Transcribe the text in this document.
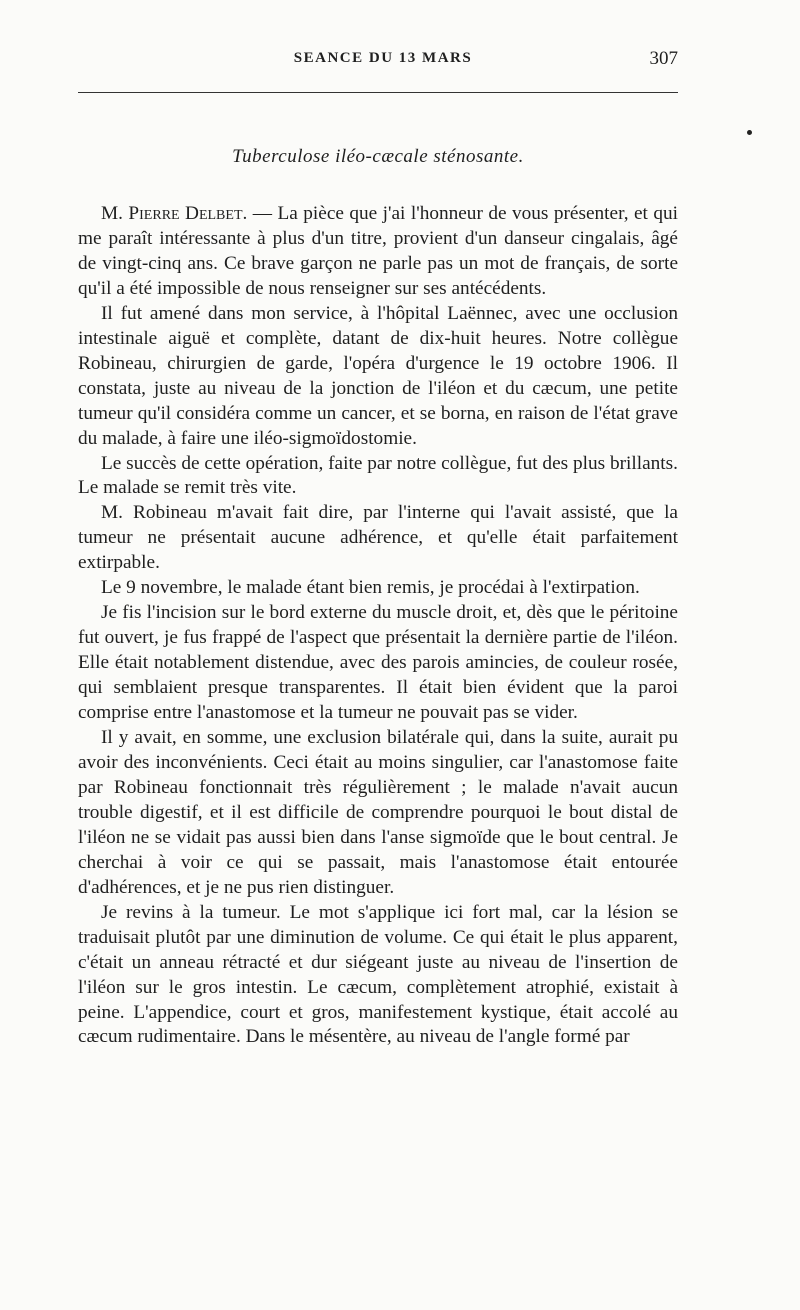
SEANCE DU 13 MARS	307
Tuberculose iléo-cæcale sténosante.

M. Pierre Delbet. — La pièce que j'ai l'honneur de vous présenter, et qui me paraît intéressante à plus d'un titre, provient d'un danseur cingalais, âgé de vingt-cinq ans. Ce brave garçon ne parle pas un mot de français, de sorte qu'il a été impossible de nous renseigner sur ses antécédents.

Il fut amené dans mon service, à l'hôpital Laënnec, avec une occlusion intestinale aiguë et complète, datant de dix-huit heures. Notre collègue Robineau, chirurgien de garde, l'opéra d'urgence le 19 octobre 1906. Il constata, juste au niveau de la jonction de l'iléon et du cæcum, une petite tumeur qu'il considéra comme un cancer, et se borna, en raison de l'état grave du malade, à faire une iléo-sigmoïdostomie.

Le succès de cette opération, faite par notre collègue, fut des plus brillants. Le malade se remit très vite.

M. Robineau m'avait fait dire, par l'interne qui l'avait assisté, que la tumeur ne présentait aucune adhérence, et qu'elle était parfaitement extirpable.

Le 9 novembre, le malade étant bien remis, je procédai à l'extirpation.

Je fis l'incision sur le bord externe du muscle droit, et, dès que le péritoine fut ouvert, je fus frappé de l'aspect que présentait la dernière partie de l'iléon. Elle était notablement distendue, avec des parois amincies, de couleur rosée, qui semblaient presque transparentes. Il était bien évident que la paroi comprise entre l'anastomose et la tumeur ne pouvait pas se vider.

Il y avait, en somme, une exclusion bilatérale qui, dans la suite, aurait pu avoir des inconvénients. Ceci était au moins singulier, car l'anastomose faite par Robineau fonctionnait très régulièrement ; le malade n'avait aucun trouble digestif, et il est difficile de comprendre pourquoi le bout distal de l'iléon ne se vidait pas aussi bien dans l'anse sigmoïde que le bout central. Je cherchai à voir ce qui se passait, mais l'anastomose était entourée d'adhérences, et je ne pus rien distinguer.

Je revins à la tumeur. Le mot s'applique ici fort mal, car la lésion se traduisait plutôt par une diminution de volume. Ce qui était le plus apparent, c'était un anneau rétracté et dur siégeant juste au niveau de l'insertion de l'iléon sur le gros intestin. Le cæcum, complètement atrophié, existait à peine. L'appendice, court et gros, manifestement kystique, était accolé au cæcum rudimentaire. Dans le mésentère, au niveau de l'angle formé par
